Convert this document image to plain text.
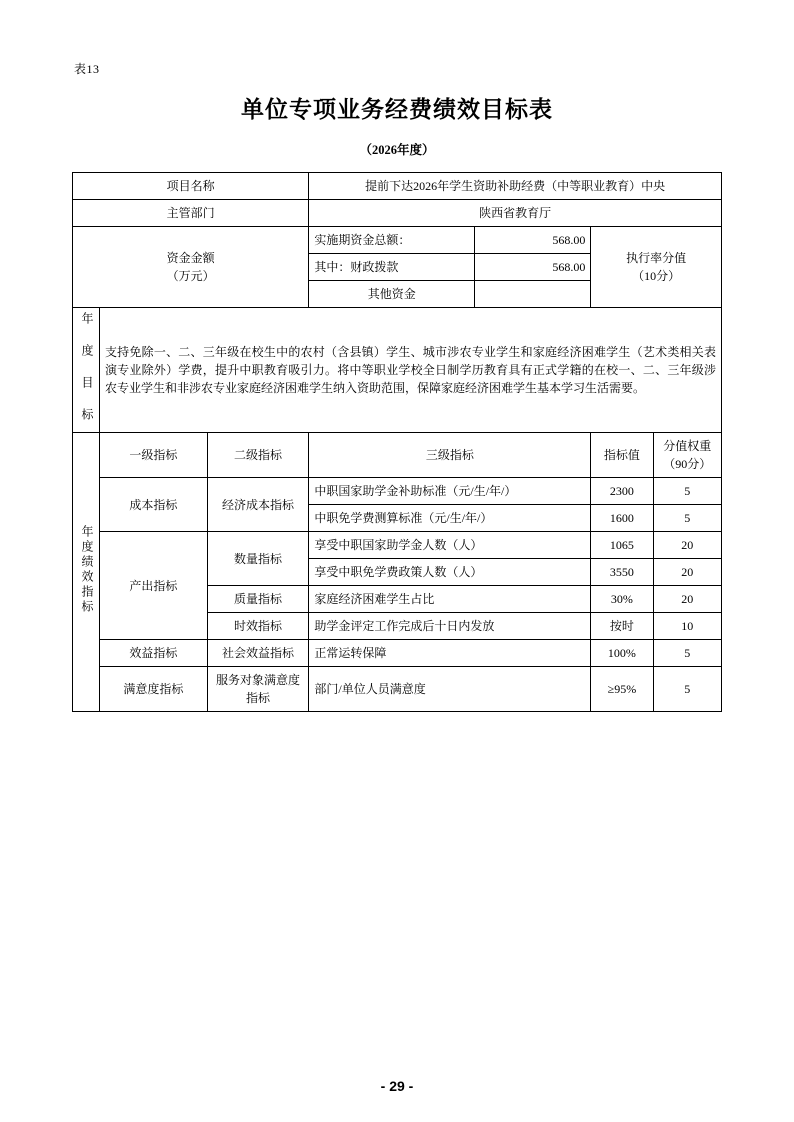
表13
单位专项业务经费绩效目标表
（2026年度）
项目名称			提前下达2026年学生资助补助经费（中等职业教育）中央			
主管部门			陕西省教育厅			

资金金额
（万元）
	实施期资金总额：	568.00	
执行率分值
（10分）

			其中：财政拨款	568.00		
			其他资金			
年 度 目 标	支持免除一、二、三年级在校生中的农村（含县镇）学生、城市涉农专业学生和家庭经济困难学生（艺术类相关表演专业除外）学费，提升中职教育吸引力。将中等职业学校全日制学历教育具有正式学籍的在校一、二、三年级涉农专业学生和非涉农专业家庭经济困难学生纳入资助范围，保障家庭经济困难学生基本学习生活需要。					
年度绩效指标	一级指标	二级指标	三级指标		指标值	分值权重
（90分）

	成本指标	经济成本指标	中职国家助学金补助标准（元/生/年/）		2300	5
			中职免学费测算标准（元/生/年/）		1600	5
	产出指标	数量指标	享受中职国家助学金人数（人）		1065	20
			享受中职免学费政策人数（人）		3550	20
		质量指标	家庭经济困难学生占比		30%	20
		时效指标	助学金评定工作完成后十日内发放		按时	10
	效益指标	社会效益指标	正常运转保障		100%	5
	满意度指标	服务对象满意度指标	部门/单位人员满意度		≥95%	5
- 29 -
